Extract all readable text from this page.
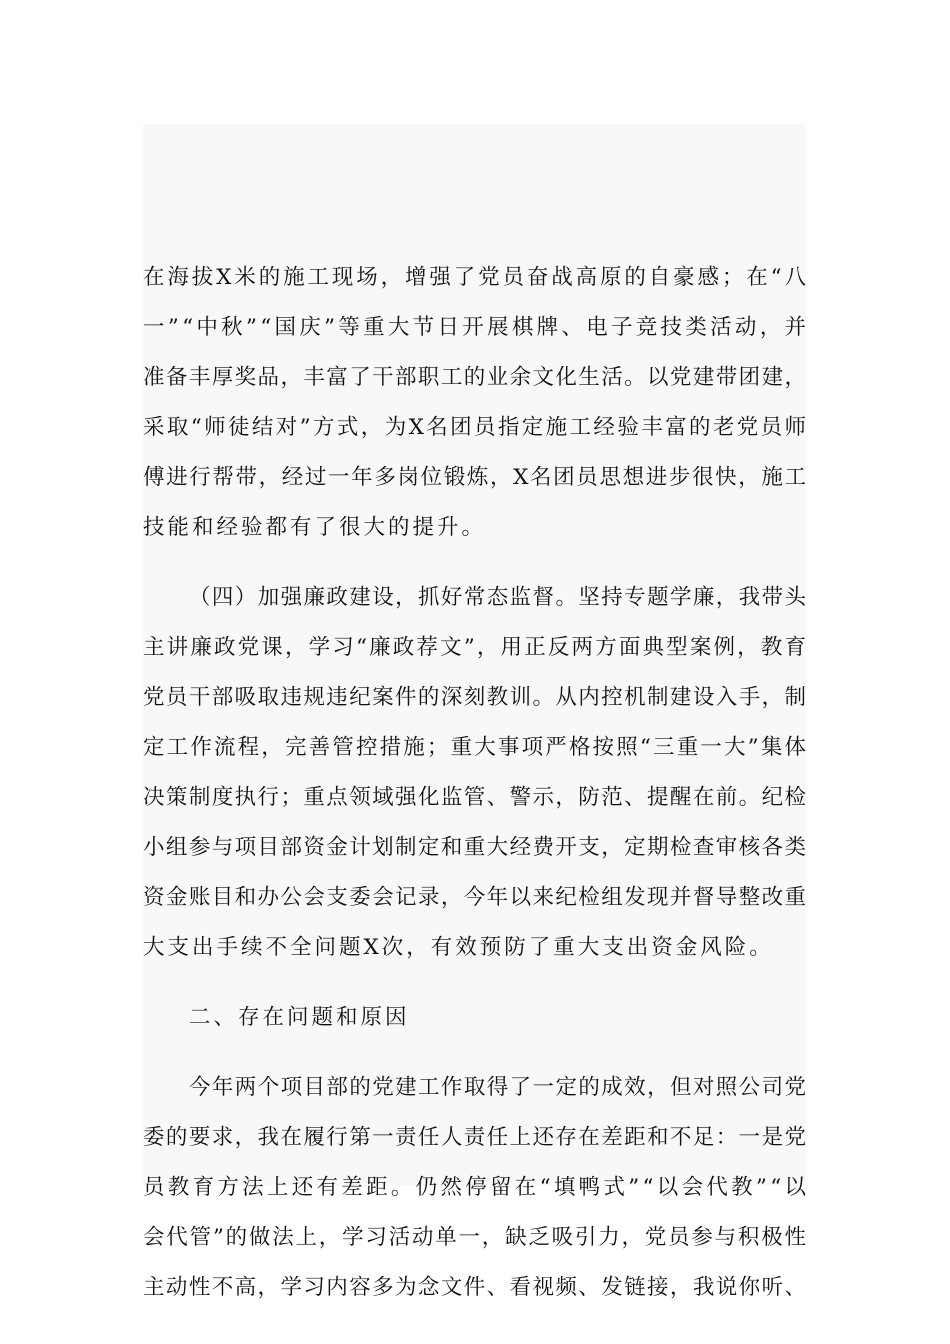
在海拔X米的施工现场，增强了党员奋战高原的自豪感；在“八
一”“中秋”“国庆”等重大节日开展棋牌、电子竞技类活动，并
准备丰厚奖品，丰富了干部职工的业余文化生活。以党建带团建，
采取“师徒结对”方式，为X名团员指定施工经验丰富的老党员师
傅进行帮带，经过一年多岗位锻炼，X名团员思想进步很快，施工
技能和经验都有了很大的提升。
（四）加强廉政建设，抓好常态监督。坚持专题学廉，我带头
主讲廉政党课，学习“廉政荐文”，用正反两方面典型案例，教育
党员干部吸取违规违纪案件的深刻教训。从内控机制建设入手，制
定工作流程，完善管控措施；重大事项严格按照“三重一大”集体
决策制度执行；重点领域强化监管、警示，防范、提醒在前。纪检
小组参与项目部资金计划制定和重大经费开支，定期检查审核各类
资金账目和办公会支委会记录，今年以来纪检组发现并督导整改重
大支出手续不全问题X次，有效预防了重大支出资金风险。
二、存在问题和原因
今年两个项目部的党建工作取得了一定的成效，但对照公司党
委的要求，我在履行第一责任人责任上还存在差距和不足：一是党
员教育方法上还有差距。仍然停留在“填鸭式”“以会代教”“以
会代管”的做法上，学习活动单一，缺乏吸引力，党员参与积极性
主动性不高，学习内容多为念文件、看视频、发链接，我说你听、
